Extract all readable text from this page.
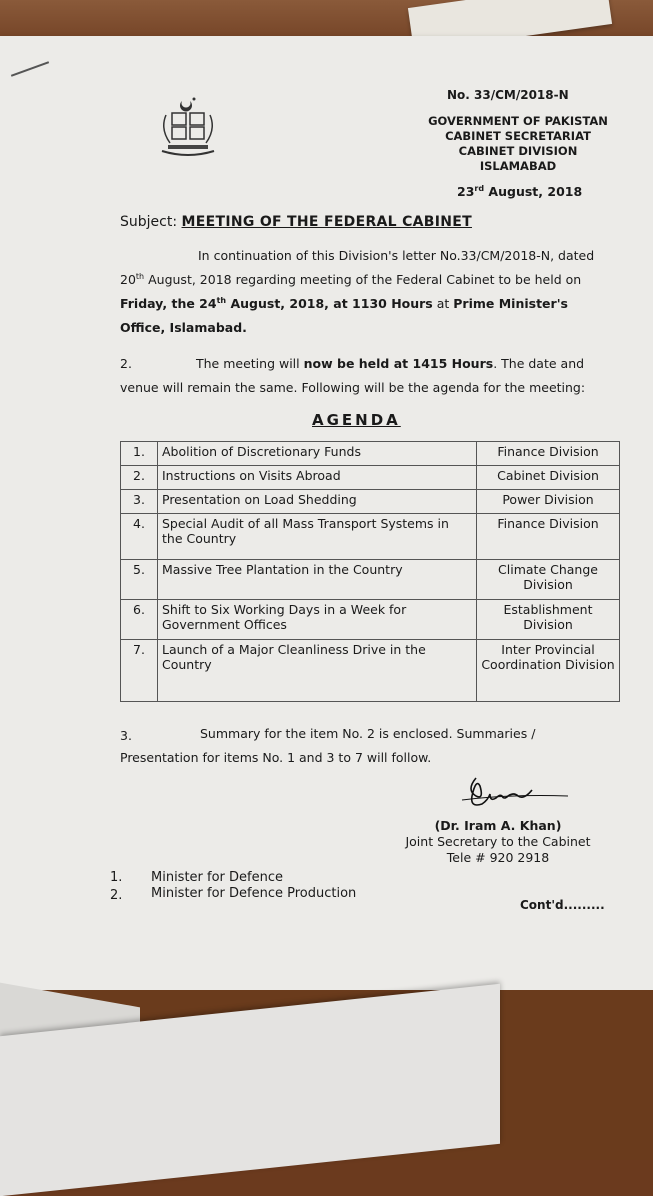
No. 33/CM/2018-N
GOVERNMENT OF PAKISTAN
CABINET SECRETARIAT
CABINET DIVISION
ISLAMABAD
23rd August, 2018
Subject: MEETING OF THE FEDERAL CABINET
In continuation of this Division's letter No.33/CM/2018-N, dated
20th August, 2018 regarding meeting of the Federal Cabinet to be held on
Friday, the 24th August, 2018, at 1130 Hours at Prime Minister's
Office, Islamabad.
2.	The meeting will now be held at 1415 Hours. The date and
venue will remain the same. Following will be the agenda for the meeting:
AGENDA
1.	Abolition of Discretionary Funds	Finance Division
2.	Instructions on Visits Abroad	Cabinet Division
3.	Presentation on Load Shedding	Power Division
4.	Special Audit of all Mass Transport Systems in the Country	Finance Division
5.	Massive Tree Plantation in the Country	Climate Change Division
6.	Shift to Six Working Days in a Week for Government Offices	Establishment Division
7.	Launch of a Major Cleanliness Drive in the Country	Inter Provincial Coordination Division
3.	Summary for the item No. 2 is enclosed. Summaries /
Presentation for items No. 1 and 3 to 7 will follow.
(Dr. Iram A. Khan)
Joint Secretary to the Cabinet
Tele # 920 2918
1. Minister for Defence
2. Minister for Defence Production
Cont'd.........
